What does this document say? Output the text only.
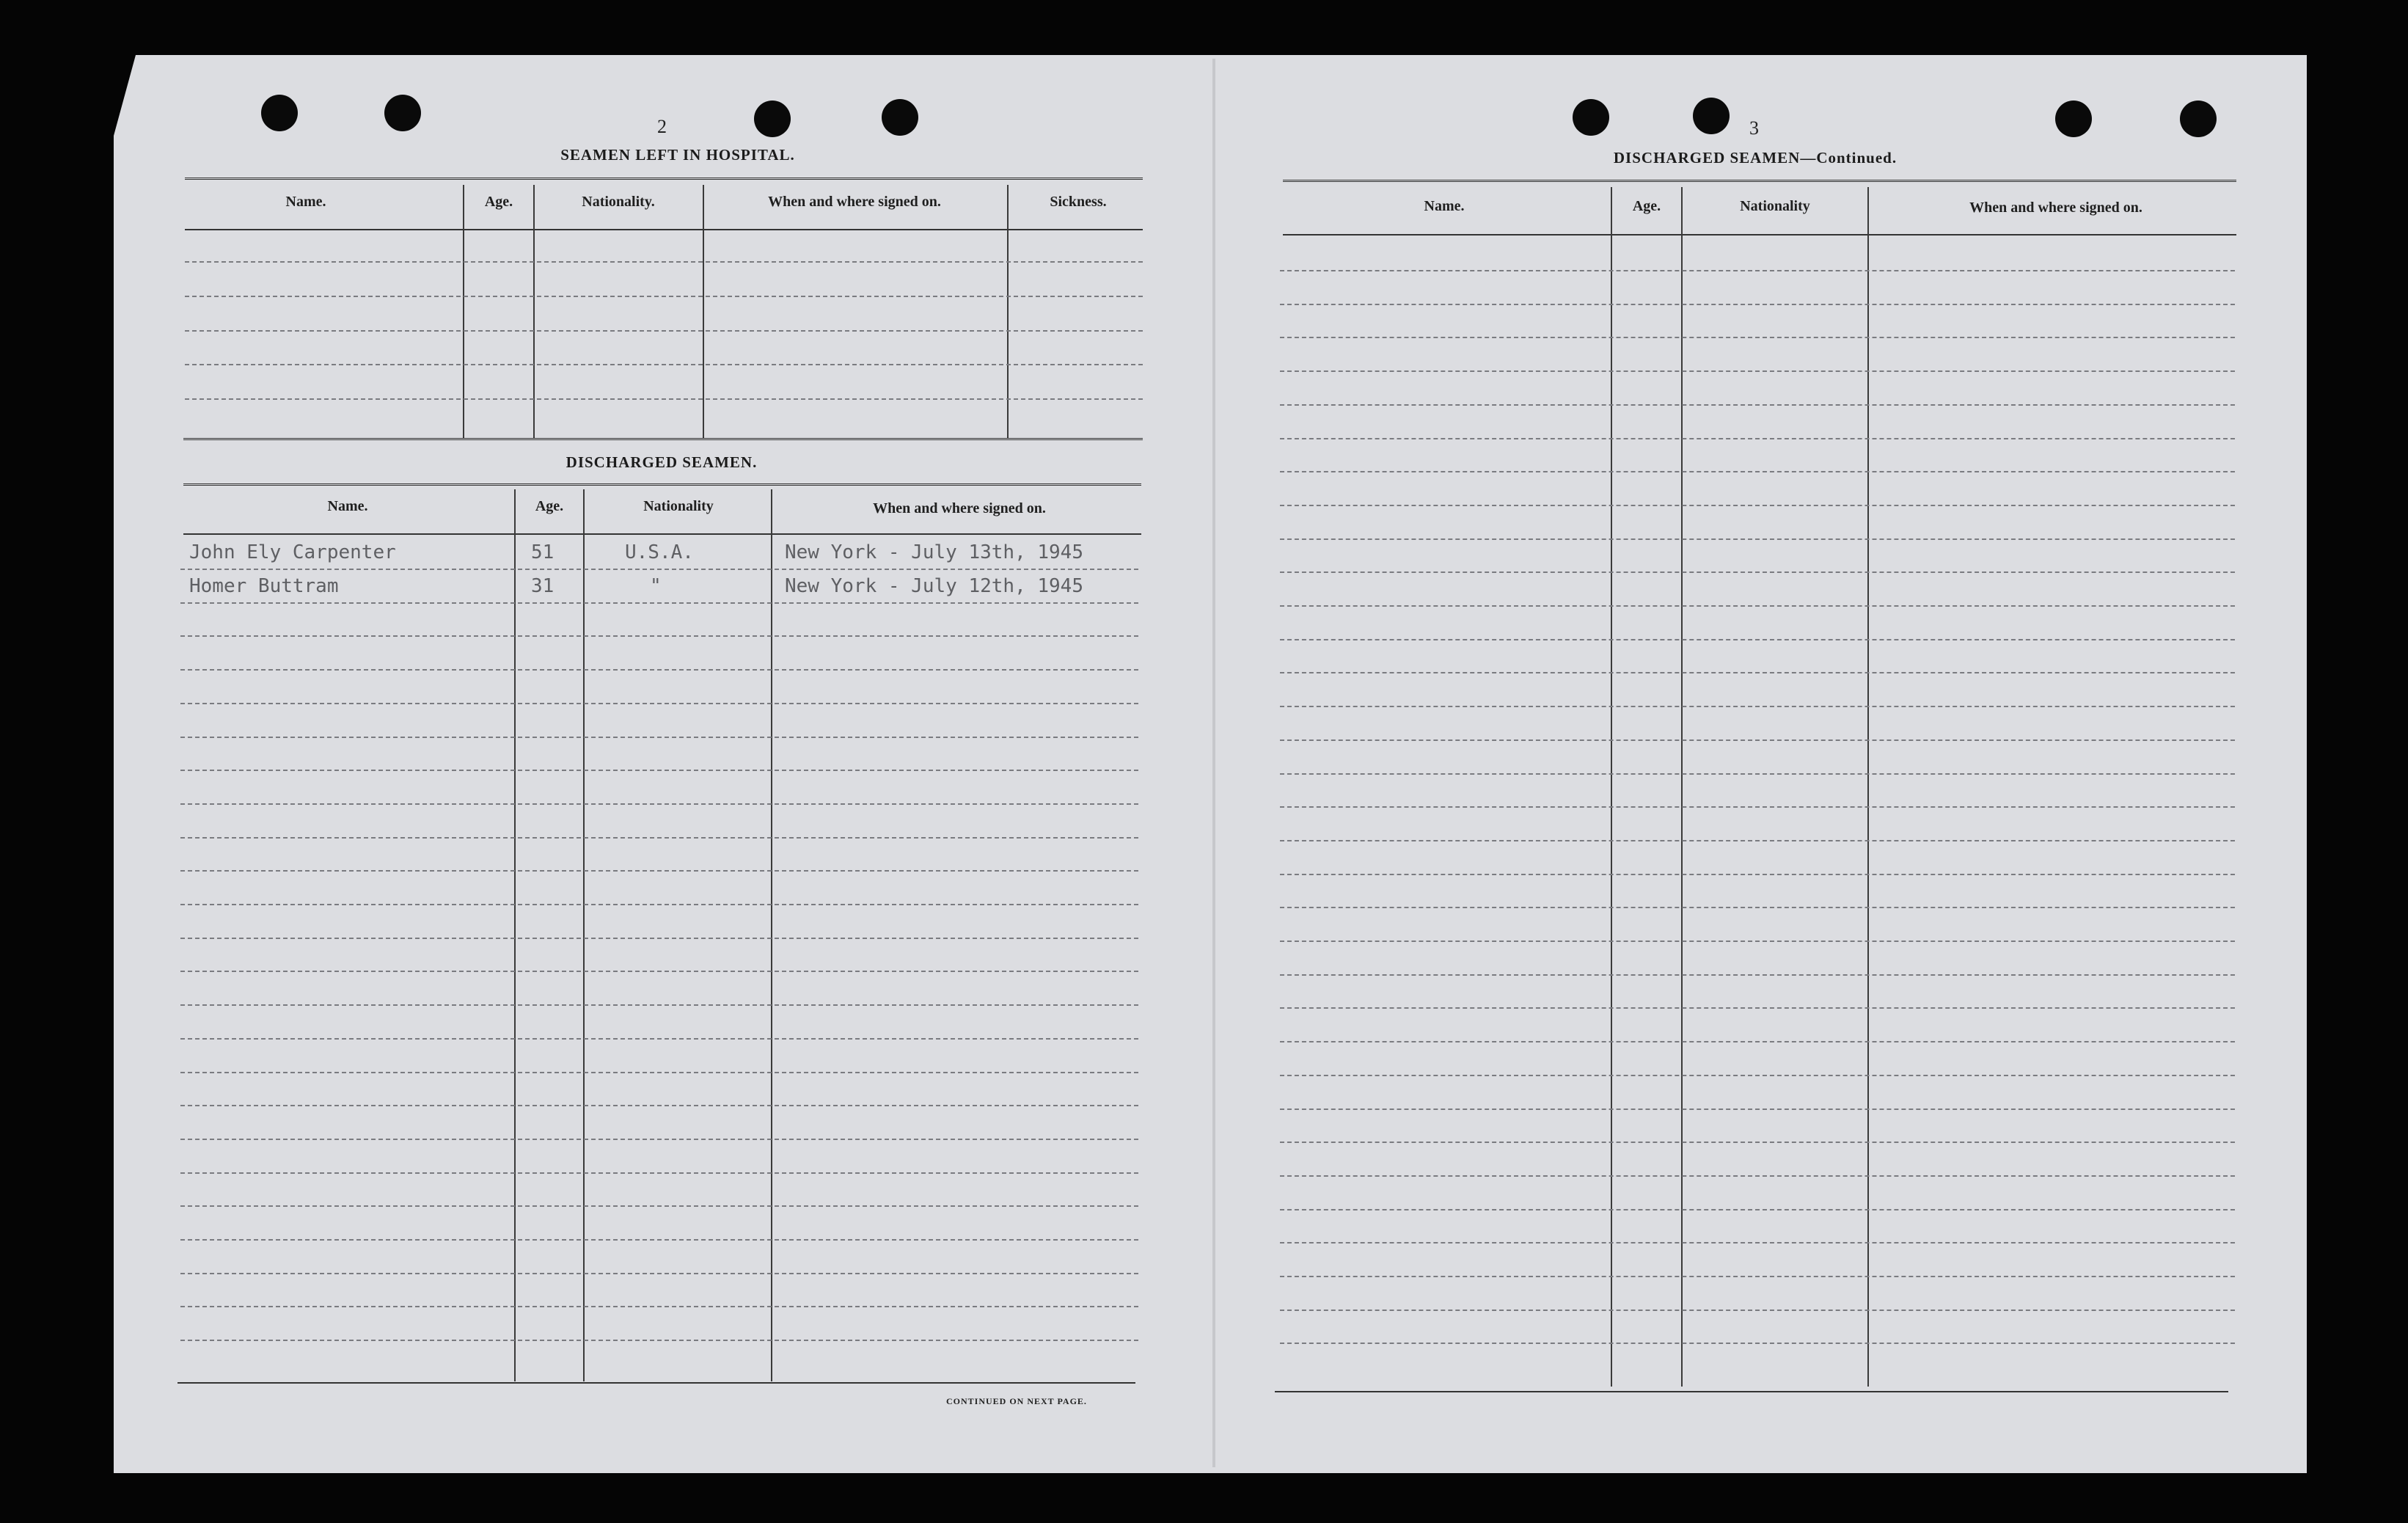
2
SEAMEN LEFT IN HOSPITAL.
Name.	Age.	Nationality.	When and where signed on.	Sickness.
DISCHARGED SEAMEN.
Name.	Age.	Nationality	When and where signed on.
John Ely Carpenter	51	U.S.A.	New York - July 13th, 1945
Homer Buttram	31	"	New York - July 12th, 1945
CONTINUED ON NEXT PAGE.
3
DISCHARGED SEAMEN—Continued.
Name.	Age.	Nationality	When and where signed on.
